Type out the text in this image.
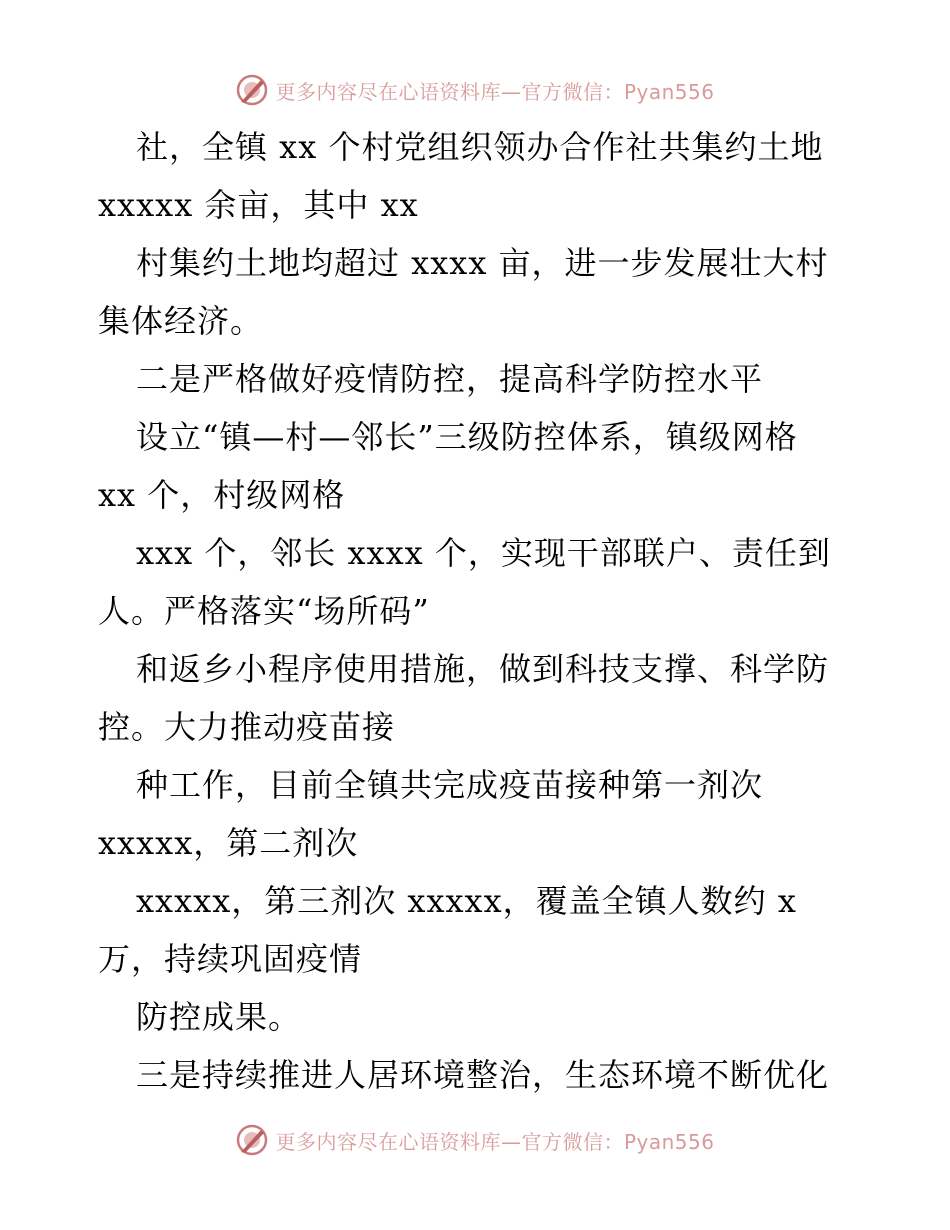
更多内容尽在心语资料库—官方微信：Pyan556
社，全镇 xx 个村党组织领办合作社共集约土地
xxxxx 余亩，其中 xx
村集约土地均超过 xxxx 亩，进一步发展壮大村
集体经济。
二是严格做好疫情防控，提高科学防控水平
设立“镇—村—邻长”三级防控体系，镇级网格
xx 个，村级网格
xxx 个，邻长 xxxx 个，实现干部联户、责任到
人。严格落实“场所码”
和返乡小程序使用措施，做到科技支撑、科学防
控。大力推动疫苗接
种工作，目前全镇共完成疫苗接种第一剂次
xxxxx，第二剂次
xxxxx，第三剂次 xxxxx，覆盖全镇人数约 x
万，持续巩固疫情
防控成果。
三是持续推进人居环境整治，生态环境不断优化
更多内容尽在心语资料库—官方微信：Pyan556
